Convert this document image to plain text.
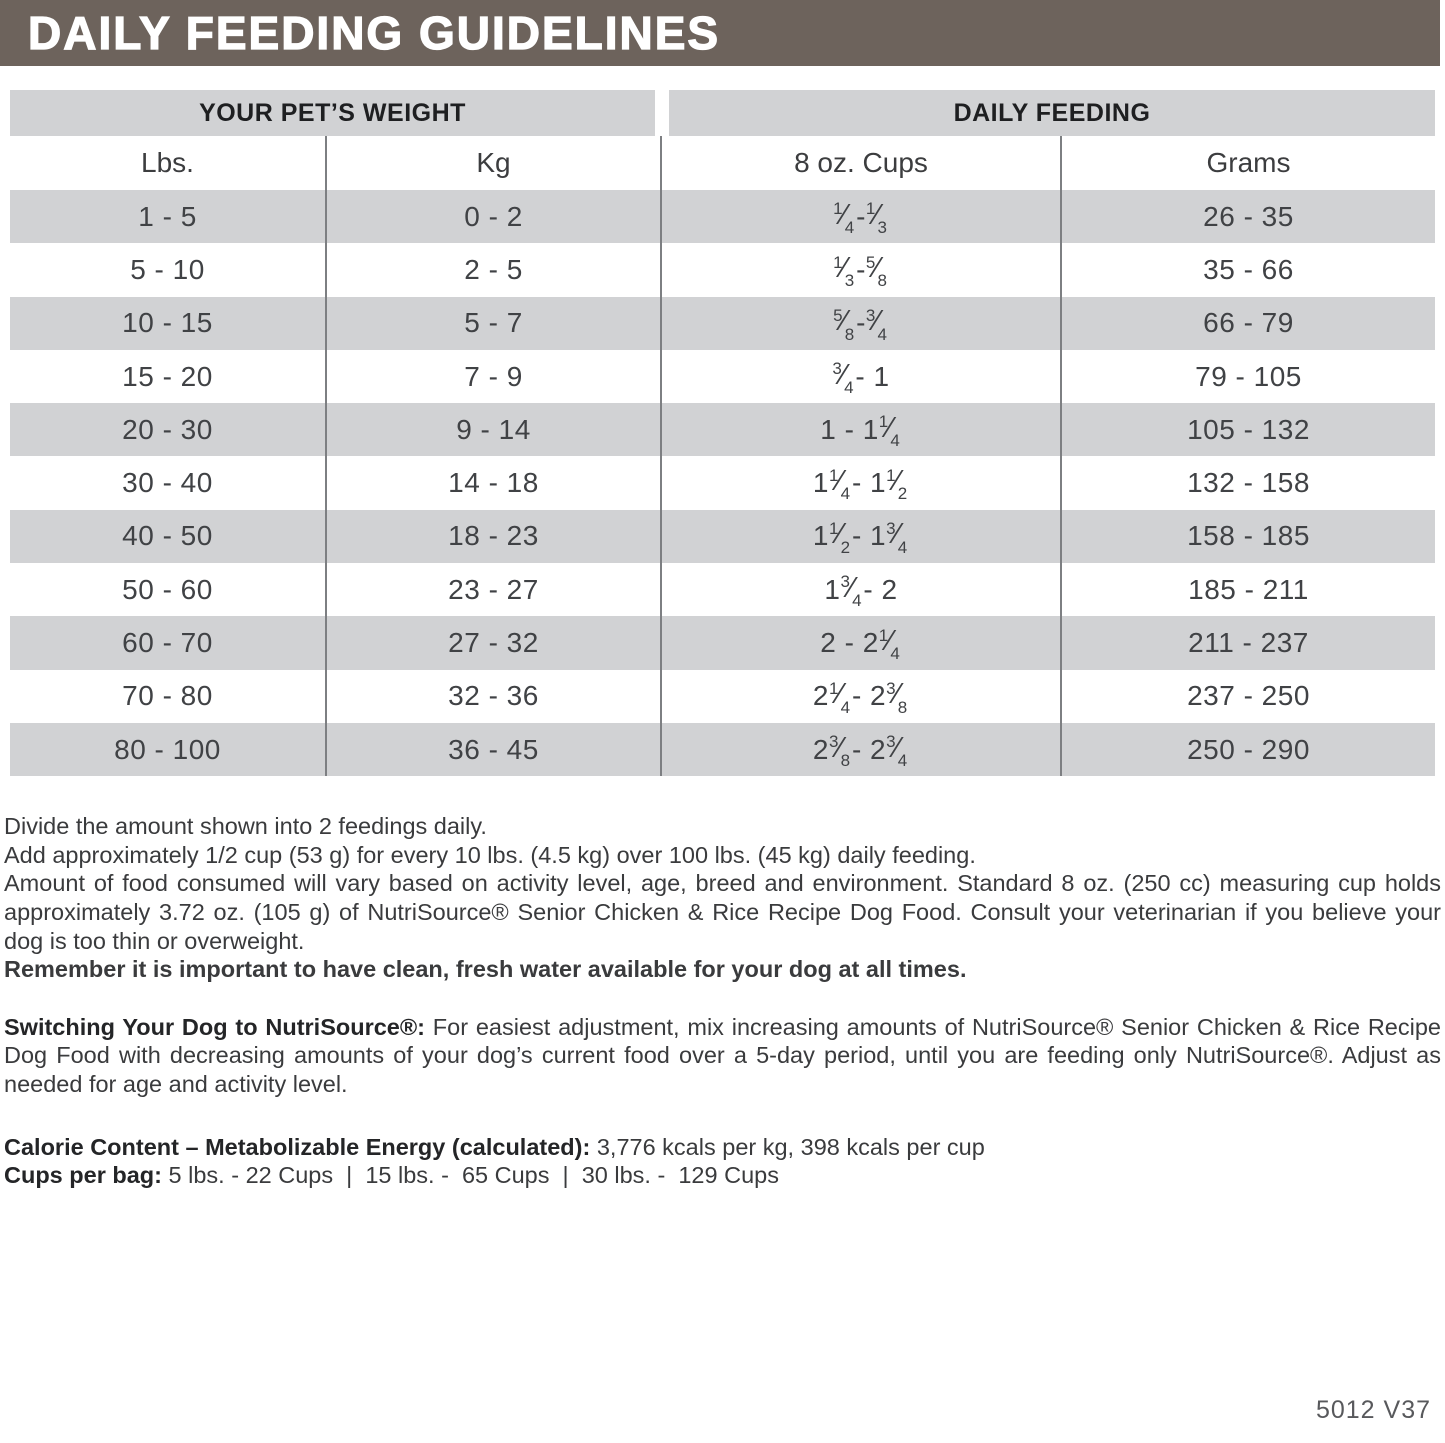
DAILY FEEDING GUIDELINES
YOUR PET’S WEIGHT	DAILY FEEDING
Lbs.	Kg	8 oz. Cups	Grams
1 - 5	0 - 2	$^1⁄_4$ - $^1⁄_3$	26 - 35
5 - 10	2 - 5	$^1⁄_3$ - $^5⁄_8$	35 - 66
10 - 15	5 - 7	$^5⁄_8$ - $^3⁄_4$	66 - 79
15 - 20	7 - 9	$^3⁄_4 - 1$	79 - 105
20 - 30	9 - 14	1 - 1 $^1⁄_4$	105 - 132
30 - 40	14 - 18	1 $^1⁄_4 - 1$ $^1⁄_2$	132 - 158
40 - 50	18 - 23	1 $^1⁄_2 - 1$ $^3⁄_4$	158 - 185
50 - 60	23 - 27	1 $^3⁄_4 - 2$	185 - 211
60 - 70	27 - 32	2 - 2 $^1⁄_4$	211 - 237
70 - 80	32 - 36	2 $^1⁄_4 - 2$ $^3⁄_8$	237 - 250
80 - 100	36 - 45	2 $^3⁄_8 - 2$ $^3⁄_4$	250 - 290

Divide the amount shown into 2 feedings daily.

Add approximately 1/2 cup (53 g) for every 10 lbs. (4.5 kg) over 100 lbs. (45 kg) daily feeding.

Amount of food consumed will vary based on activity level, age, breed and environment. Standard 8 oz. (250 cc) measuring cup holds approximately 3.72 oz. (105 g) of NutriSource® Senior Chicken & Rice Recipe Dog Food. Consult your veterinarian if you believe your dog is too thin or overweight.

Remember it is important to have clean, fresh water available for your dog at all times.

Switching Your Dog to NutriSource®: For easiest adjustment, mix increasing amounts of NutriSource® Senior Chicken & Rice Recipe Dog Food with decreasing amounts of your dog’s current food over a 5-day period, until you are feeding only NutriSource®. Adjust as needed for age and activity level.

Calorie Content – Metabolizable Energy (calculated): 3,776 kcals per kg, 398 kcals per cup

Cups per bag: 5 lbs. - 22 Cups  |  15 lbs. -  65 Cups  |  30 lbs. -  129 Cups

5012 V37
